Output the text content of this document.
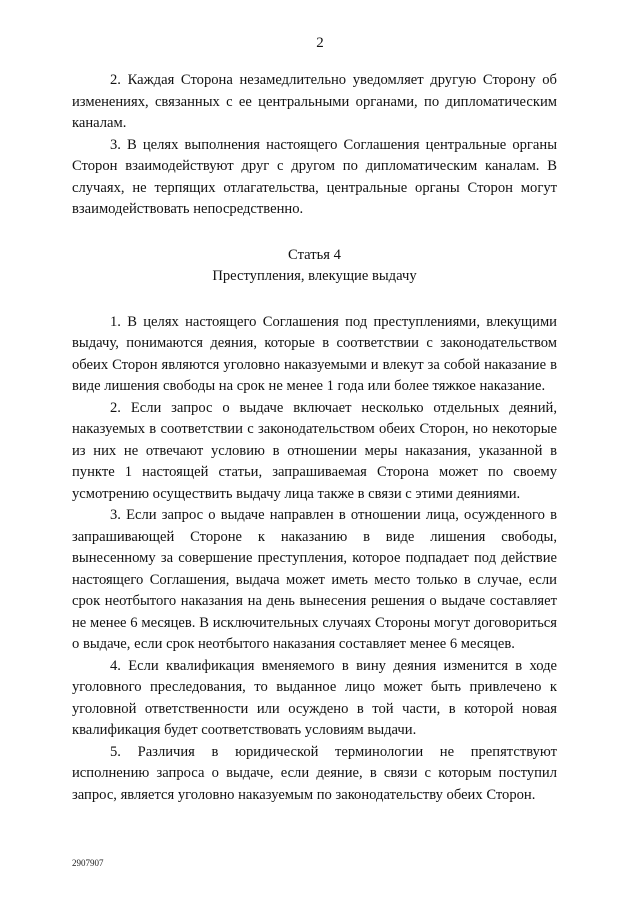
2

2. Каждая Сторона незамедлительно уведомляет другую Сторону об изменениях, связанных с ее центральными органами, по дипломатическим каналам.

3. В целях выполнения настоящего Соглашения центральные органы Сторон взаимодействуют друг с другом по дипломатическим каналам. В случаях, не терпящих отлагательства, центральные органы Сторон могут взаимодействовать непосредственно.

Статья 4
Преступления, влекущие выдачу

1. В целях настоящего Соглашения под преступлениями, влекущими выдачу, понимаются деяния, которые в соответствии с законодательством обеих Сторон являются уголовно наказуемыми и влекут за собой наказание в виде лишения свободы на срок не менее 1 года или более тяжкое наказание.

2. Если запрос о выдаче включает несколько отдельных деяний, наказуемых в соответствии с законодательством обеих Сторон, но некоторые из них не отвечают условию в отношении меры наказания, указанной в пункте 1 настоящей статьи, запрашиваемая Сторона может по своему усмотрению осуществить выдачу лица также в связи с этими деяниями.

3. Если запрос о выдаче направлен в отношении лица, осужденного в запрашивающей Стороне к наказанию в виде лишения свободы, вынесенному за совершение преступления, которое подпадает под действие настоящего Соглашения, выдача может иметь место только в случае, если срок неотбытого наказания на день вынесения решения о выдаче составляет не менее 6 месяцев. В исключительных случаях Стороны могут договориться о выдаче, если срок неотбытого наказания составляет менее 6 месяцев.

4. Если квалификация вменяемого в вину деяния изменится в ходе уголовного преследования, то выданное лицо может быть привлечено к уголовной ответственности или осуждено в той части, в которой новая квалификация будет соответствовать условиям выдачи.

5. Различия в юридической терминологии не препятствуют исполнению запроса о выдаче, если деяние, в связи с которым поступил запрос, является уголовно наказуемым по законодательству обеих Сторон.

2907907
